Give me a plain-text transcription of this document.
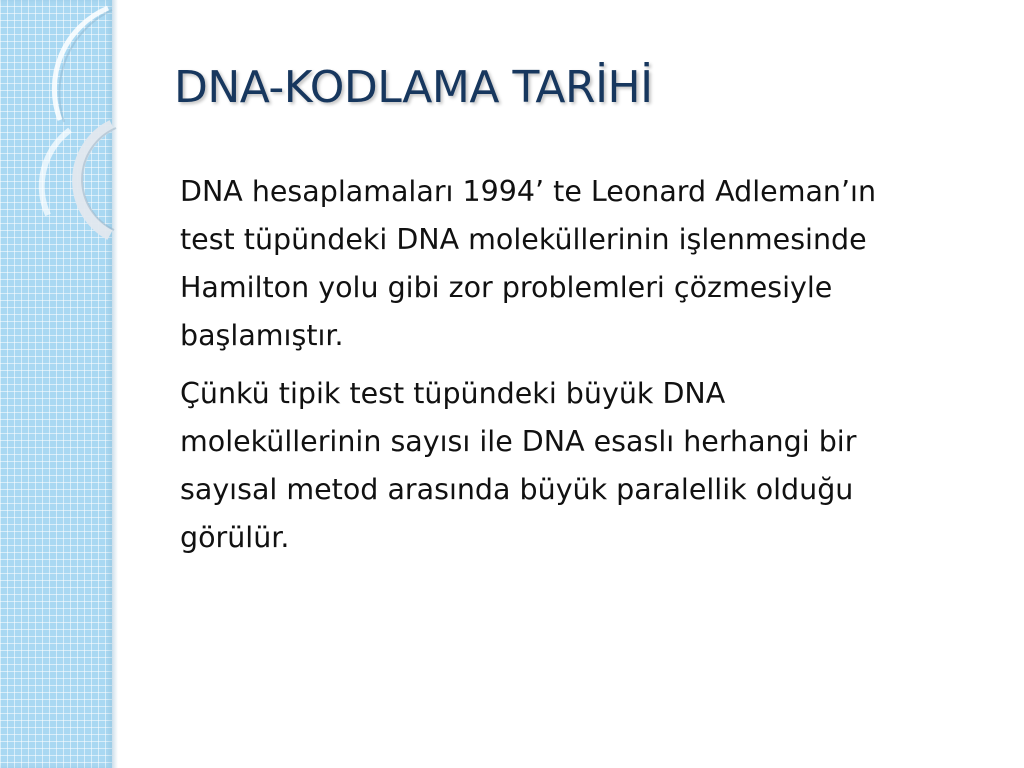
DNA-KODLAMA TARİHİ

DNA hesaplamaları 1994’ te Leonard Adleman’ın
test tüpündeki DNA moleküllerinin işlenmesinde
Hamilton yolu gibi zor problemleri çözmesiyle
başlamıştır.

Çünkü tipik test tüpündeki büyük DNA
moleküllerinin sayısı ile DNA esaslı herhangi bir
sayısal metod arasında büyük paralellik olduğu
görülür.
